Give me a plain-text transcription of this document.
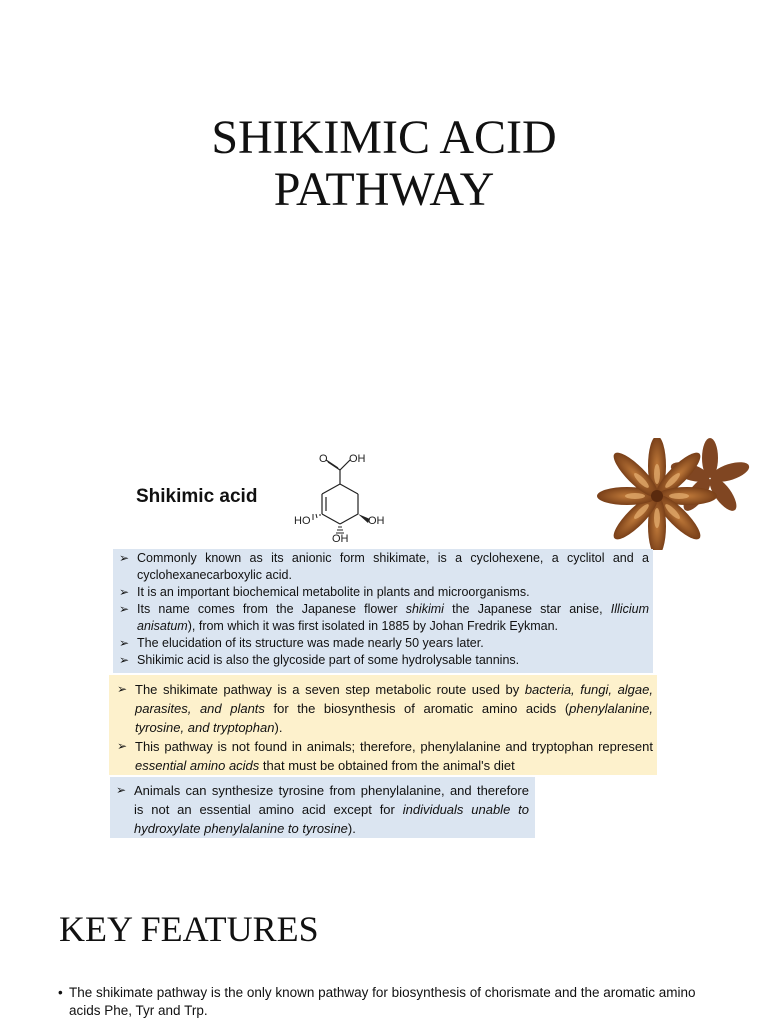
SHIKIMIC ACID
PATHWAY
Shikimic acid
O OH
HO	OH
OH
➢ Commonly known as its anionic form shikimate, is a cyclohexene, a cyclitol and a cyclohexanecarboxylic acid.
➢ It is an important biochemical metabolite in plants and microorganisms.
➢ Its name comes from the Japanese flower shikimi the Japanese star anise, Illicium anisatum), from which it was first isolated in 1885 by Johan Fredrik Eykman.
➢ The elucidation of its structure was made nearly 50 years later.
➢ Shikimic acid is also the glycoside part of some hydrolysable tannins.
➢ The shikimate pathway is a seven step metabolic route used by bacteria, fungi, algae, parasites, and plants for the biosynthesis of aromatic amino acids (phenylalanine, tyrosine, and tryptophan).
➢ This pathway is not found in animals; therefore, phenylalanine and tryptophan represent essential amino acids that must be obtained from the animal's diet
➢ Animals can synthesize tyrosine from phenylalanine, and therefore is not an essential amino acid except for individuals unable to hydroxylate phenylalanine to tyrosine).
KEY FEATURES
• The shikimate pathway is the only known pathway for biosynthesis of chorismate and the aromatic amino acids Phe, Tyr and Trp.
